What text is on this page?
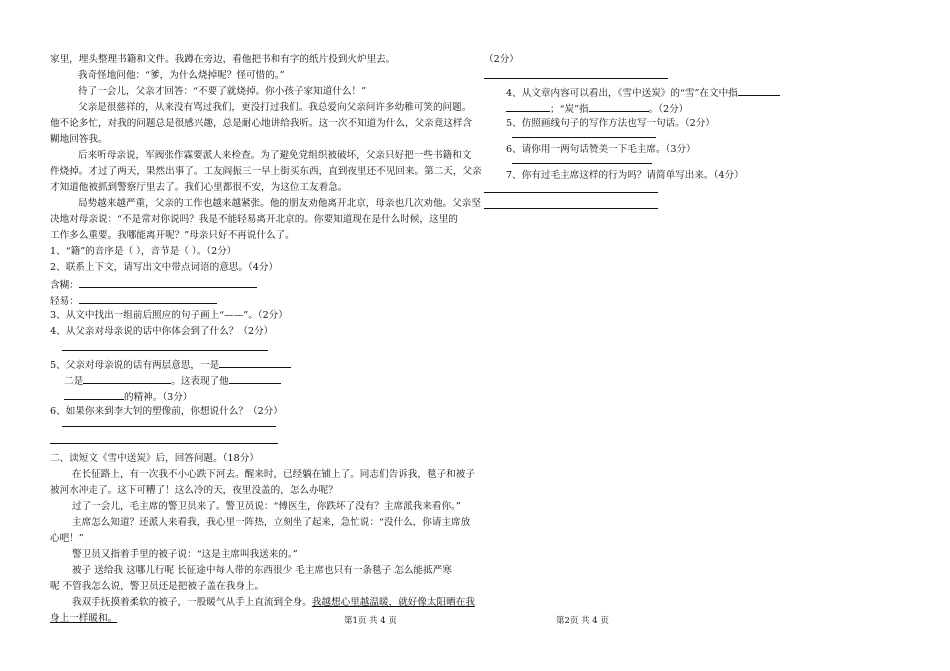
家里，埋头整理书籍和文件。我蹲在旁边，看他把书和有字的纸片投到火炉里去。
我奇怪地问他：“爹，为什么烧掉呢？怪可惜的。”
待了一会儿，父亲才回答：“不要了就烧掉。你小孩子家知道什么！”
父亲是很慈祥的，从来没有骂过我们，更没打过我们。我总爱向父亲问许多幼稚可笑的问题。
他不论多忙，对我的问题总是很感兴趣，总是耐心地讲给我听。这一次不知道为什么，父亲竟这样含
糊地回答我。
后来听母亲说，军阀张作霖要派人来检查。为了避免党组织被破坏，父亲只好把一些书籍和文
件烧掉。才过了两天，果然出事了。工友阎振三一早上街买东西，直到夜里还不见回来。第二天，父亲
才知道他被抓到警察厅里去了。我们心里都很不安，为这位工友着急。
局势越来越严重，父亲的工作也越来越紧张。他的朋友劝他离开北京，母亲也几次劝他。父亲坚
决地对母亲说：“不是常对你说吗？我是不能轻易离开北京的。你要知道现在是什么时候，这里的
工作多么重要。我哪能离开呢？”母亲只好不再说什么了。
1、“籍”的音序是（ ），音节是（ ）。（2分）
2、联系上下文，请写出文中带点词语的意思。（4分）
含糊：
轻易：
3、从文中找出一组前后照应的句子画上“——”。（2分）
4、从父亲对母亲说的话中你体会到了什么？（2分）
5、父亲对母亲说的话有两层意思，一是
二是	。这表现了他
的精神。（3分）
6、如果你来到李大钊的塑像前，你想说什么？（2分）
二、读短文《雪中送炭》后，回答问题。（18分）
在长征路上，有一次我不小心跌下河去。醒来时，已经躺在铺上了。同志们告诉我，毯子和被子
被河水冲走了。这下可糟了！这么冷的天，夜里没盖的，怎么办呢？
过了一会儿，毛主席的警卫员来了。警卫员说：“傅医生，你跌坏了没有？主席派我来看你。”
主席怎么知道？还派人来看我，我心里一阵热，立刻坐了起来，急忙说：“没什么，你请主席放
心吧！”
警卫员又指着手里的被子说：“这是主席叫我送来的。”
被子 送给我 这哪儿行呢 长征途中每人带的东西很少 毛主席也只有一条毯子 怎么能抵严寒
呢 不管我怎么说，警卫员还是把被子盖在我身上。
我双手抚摸着柔软的被子，一股暖气从手上直流到全身。我越想心里越温暖，就好像太阳晒在我
身上一样暖和。
（2分）
4、从文章内容可以看出，《雪中送炭》的“雪”在文中指
；“炭”指	。（2分）
5、仿照画线句子的写作方法也写一句话。（2分）
6、请你用一两句话赞美一下毛主席。（3分）
7、你有过毛主席这样的行为吗？请简单写出来。（4分）
第1页 共 4 页	第2页 共 4 页
